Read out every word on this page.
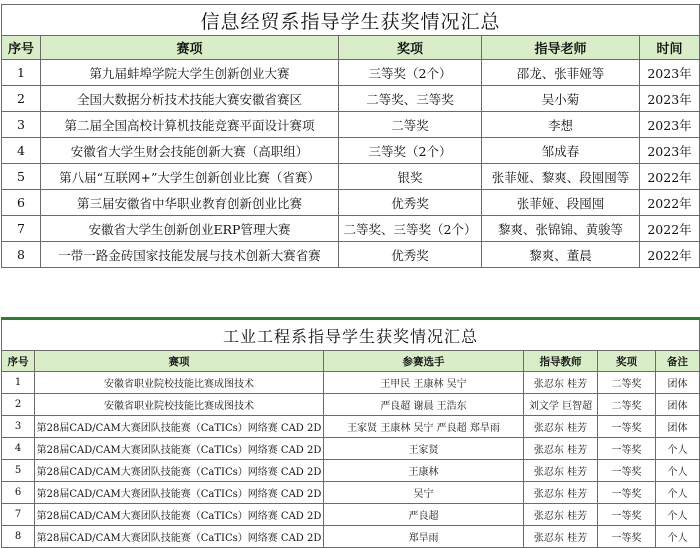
信息经贸系指导学生获奖情况汇总				
序号	赛项	奖项	指导老师	时间
1	第九届蚌埠学院大学生创新创业大赛	三等奖（2个）	邵龙、张菲娅等	2023年
2	全国大数据分析技术技能大赛安徽省赛区	二等奖、三等奖	吴小菊	2023年
3	第二届全国高校计算机技能竞赛平面设计赛项	二等奖	李想	2023年
4	安徽省大学生财会技能创新大赛（高职组）	三等奖（2个）	邹成春	2023年
5	第八届“互联网+”大学生创新创业比赛（省赛）	银奖	张菲娅、黎爽、段囤囤等	2022年
6	第三届安徽省中华职业教育创新创业比赛	优秀奖	张菲娅、段囤囤	2022年
7	安徽省大学生创新创业ERP管理大赛	二等奖、三等奖（2个）	黎爽、张锦锦、黄骏等	2022年
8	一带一路金砖国家技能发展与技术创新大赛省赛	优秀奖	黎爽、董晨	2022年
工业工程系指导学生获奖情况汇总					
序号	赛项	参赛选手	指导教师	奖项	备注
1	安徽省职业院校技能比赛成图技术	王甲民 王康林 吴宁	张忍东 桂芳	二等奖	团体
2	安徽省职业院校技能比赛成图技术	严良超 谢晨 王浩东	刘文学 巨智超	二等奖	团体
3	第28届CAD/CAM大赛团队技能赛（CaTICs）网络赛 CAD 2D	王家贤 王康林 吴宁 严良超 郑旱雨	张忍东 桂芳	一等奖	团体
4	第28届CAD/CAM大赛团队技能赛（CaTICs）网络赛 CAD 2D	王家贤	张忍东 桂芳	一等奖	个人
5	第28届CAD/CAM大赛团队技能赛（CaTICs）网络赛 CAD 2D	王康林	张忍东 桂芳	一等奖	个人
6	第28届CAD/CAM大赛团队技能赛（CaTICs）网络赛 CAD 2D	吴宁	张忍东 桂芳	一等奖	个人
7	第28届CAD/CAM大赛团队技能赛（CaTICs）网络赛 CAD 2D	严良超	张忍东 桂芳	一等奖	个人
8	第28届CAD/CAM大赛团队技能赛（CaTICs）网络赛 CAD 2D	郑旱雨	张忍东 桂芳	一等奖	个人
